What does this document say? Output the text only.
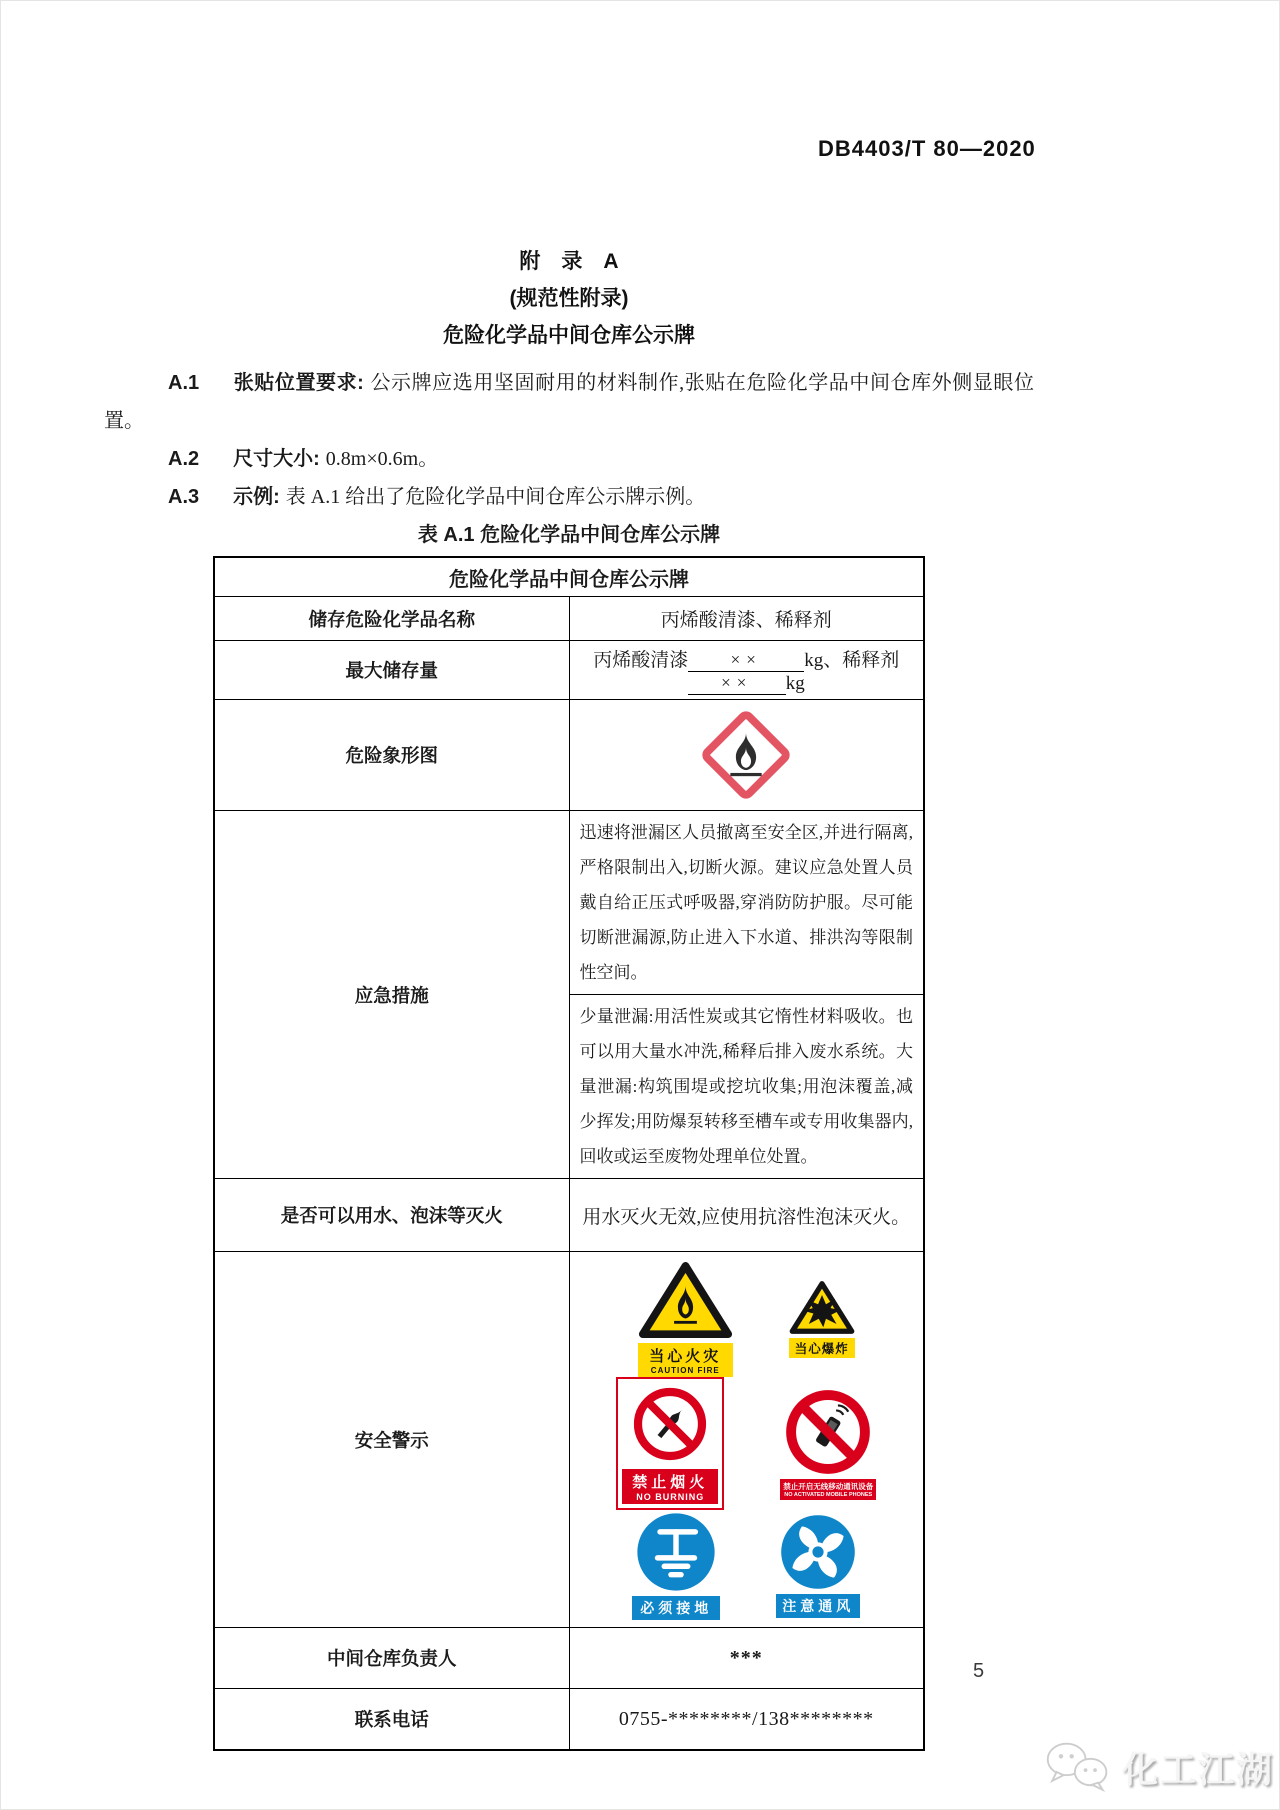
DB4403/T 80—2020
附　录　A
(规范性附录)
危险化学品中间仓库公示牌

A.1 张贴位置要求: 公示牌应选用坚固耐用的材料制作,张贴在危险化学品中间仓库外侧显眼位置。

A.2 尺寸大小: 0.8m×0.6m。

A.3 示例: 表 A.1 给出了危险化学品中间仓库公示牌示例。

表 A.1 危险化学品中间仓库公示牌
危险化学品中间仓库公示牌	
储存危险化学品名称	丙烯酸清漆、稀释剂
最大储存量	丙烯酸清漆 ×× kg、稀释剂×× kg
危险象形图	

应急措施	迅速将泄漏区人员撤离至安全区,并进行隔离,严格限制出入,切断火源。建议应急处置人员戴自给正压式呼吸器,穿消防防护服。尽可能切断泄漏源,防止进入下水道、排洪沟等限制性空间。
	少量泄漏:用活性炭或其它惰性材料吸收。也可以用大量水冲洗,稀释后排入废水系统。大量泄漏:构筑围堤或挖坑收集;用泡沫覆盖,减少挥发;用防爆泵转移至槽车或专用收集器内,回收或运至废物处理单位处置。
是否可以用水、泡沫等灭火	用水灭火无效,应使用抗溶性泡沫灭火。
安全警示	
当心火灾
CAUTION FIRE
当心爆炸
禁止烟火
NO BURNING
禁止开启无线移动通讯设备
NO ACTIVATED MOBILE PHONES
必须接地	注意通风

中间仓库负责人	***
联系电话	0755-********/138********
5
化工江湖
